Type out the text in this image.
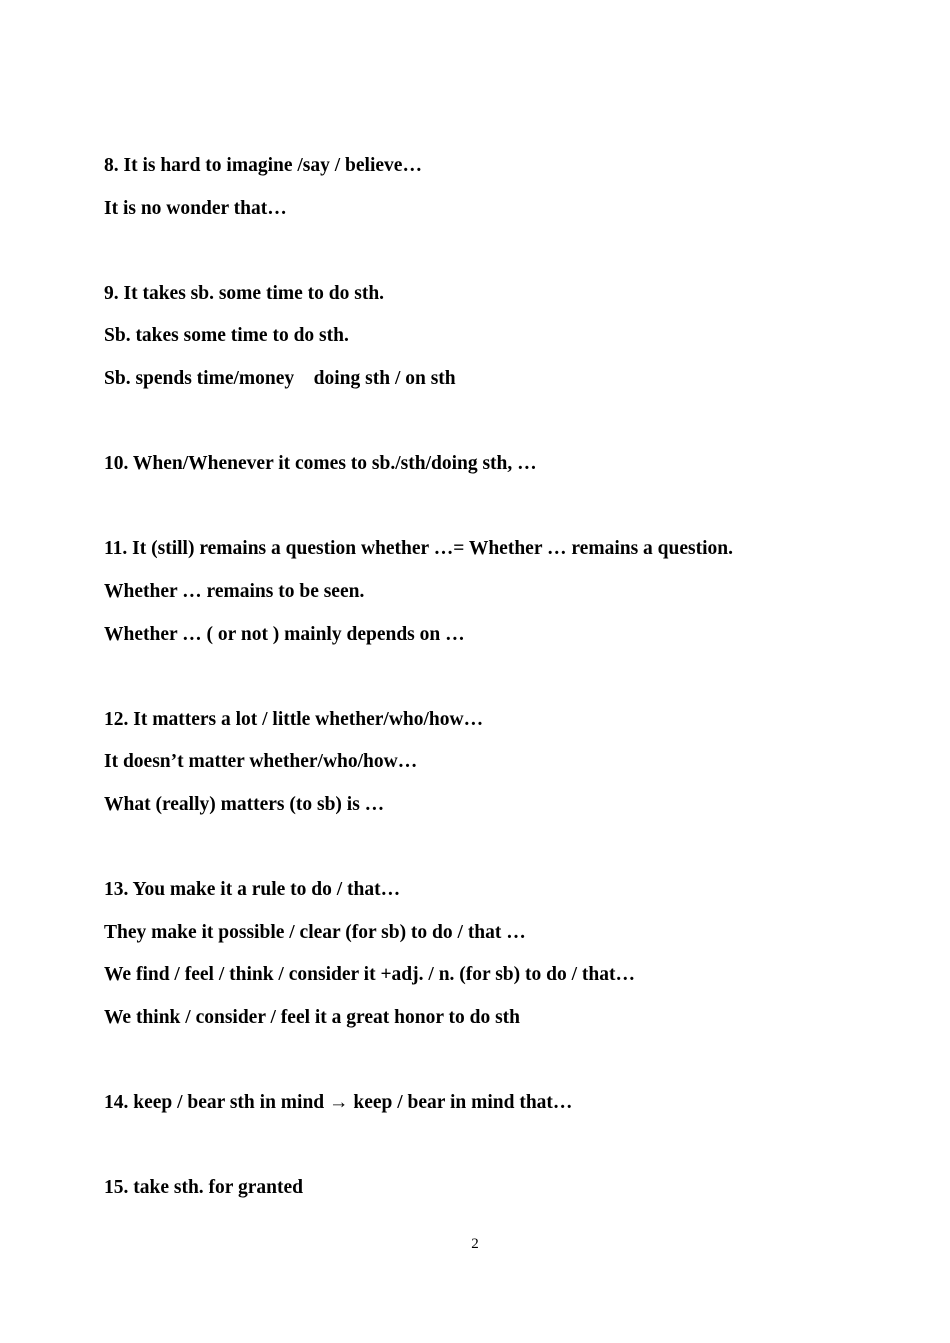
8. It is hard to imagine /say / believe…
It is no wonder that…
9. It takes sb. some time to do sth.
Sb. takes some time to do sth.
Sb. spends time/money    doing sth / on sth
10. When/Whenever it comes to sb./sth/doing sth, …
11. It (still) remains a question whether …= Whether … remains a question.
Whether … remains to be seen.
Whether … ( or not ) mainly depends on …
12. It matters a lot / little whether/who/how…
It doesn’t matter whether/who/how…
What (really) matters (to sb) is …
13. You make it a rule to do / that…
They make it possible / clear (for sb) to do / that …
We find / feel / think / consider it +adj. / n. (for sb) to do / that…
We think / consider / feel it a great honor to do sth
14. keep / bear sth in mind → keep / bear in mind that…
15. take sth. for granted
2
